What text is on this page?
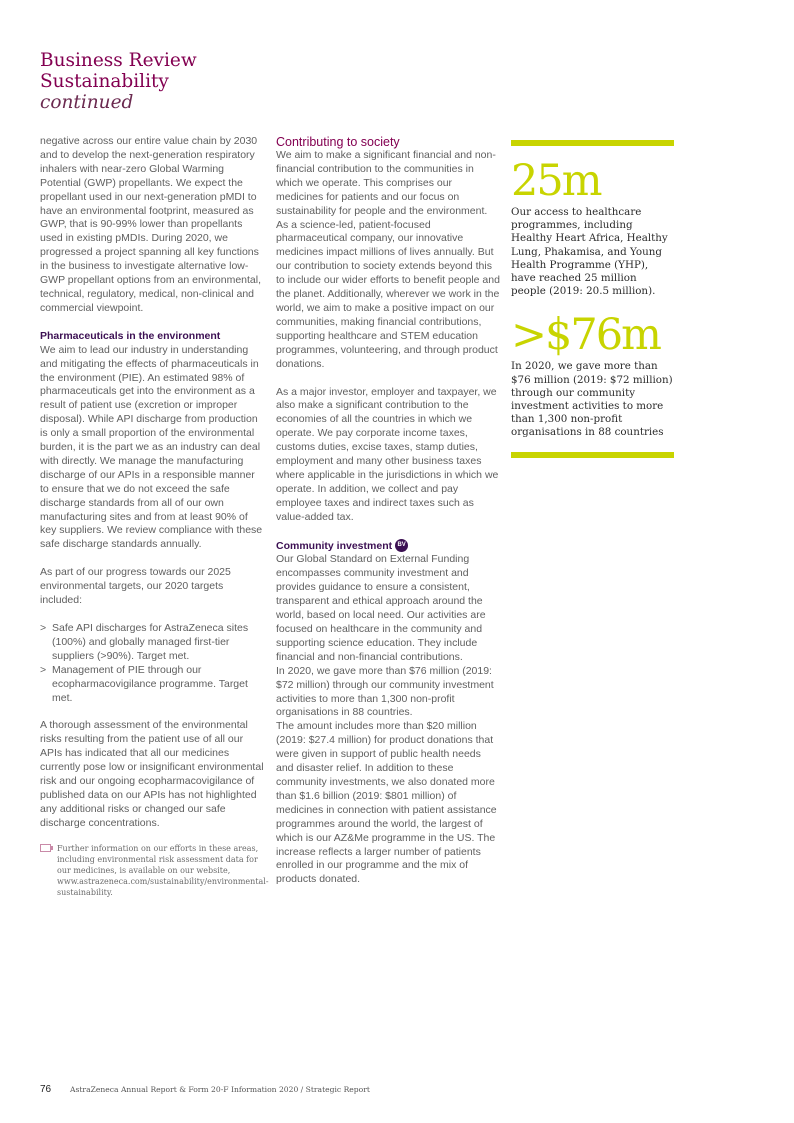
Business Review
Sustainability
continued

negative across our entire value chain by 2030 and to develop the next-generation respiratory inhalers with near-zero Global Warming Potential (GWP) propellants. We expect the propellant used in our next-generation pMDI to have an environmental footprint, measured as GWP, that is 90-99% lower than propellants used in existing pMDIs. During 2020, we progressed a project spanning all key functions in the business to investigate alternative low-GWP propellant options from an environmental, technical, regulatory, medical, non-clinical and commercial viewpoint.

Pharmaceuticals in the environment

We aim to lead our industry in understanding and mitigating the effects of pharmaceuticals in the environment (PIE). An estimated 98% of pharmaceuticals get into the environment as a result of patient use (excretion or improper disposal). While API discharge from production is only a small proportion of the environmental burden, it is the part we as an industry can deal with directly. We manage the manufacturing discharge of our APIs in a responsible manner to ensure that we do not exceed the safe discharge standards from all of our own manufacturing sites and from at least 90% of key suppliers. We review compliance with these safe discharge standards annually.

As part of our progress towards our 2025 environmental targets, our 2020 targets included:

> Safe API discharges for AstraZeneca sites (100%) and globally managed first-tier suppliers (>90%). Target met.
> Management of PIE through our ecopharmacovigilance programme. Target met.

A thorough assessment of the environmental risks resulting from the patient use of all our APIs has indicated that all our medicines currently pose low or insignificant environmental risk and our ongoing ecopharmacovigilance of published data on our APIs has not highlighted any additional risks or changed our safe discharge concentrations.

Further information on our efforts in these areas, including environmental risk assessment data for our medicines, is available on our website, www.astrazeneca.com/sustainability/environmental-sustainability.

Contributing to society

We aim to make a significant financial and non-financial contribution to the communities in which we operate. This comprises our medicines for patients and our focus on sustainability for people and the environment. As a science-led, patient-focused pharmaceutical company, our innovative medicines impact millions of lives annually. But our contribution to society extends beyond this to include our wider efforts to benefit people and the planet. Additionally, wherever we work in the world, we aim to make a positive impact on our communities, making financial contributions, supporting healthcare and STEM education programmes, volunteering, and through product donations.

As a major investor, employer and taxpayer, we also make a significant contribution to the economies of all the countries in which we operate. We pay corporate income taxes, customs duties, excise taxes, stamp duties, employment and many other business taxes where applicable in the jurisdictions in which we operate. In addition, we collect and pay employee taxes and indirect taxes such as value-added tax.

Community investment BV

Our Global Standard on External Funding encompasses community investment and provides guidance to ensure a consistent, transparent and ethical approach around the world, based on local need. Our activities are focused on healthcare in the community and supporting science education. They include financial and non-financial contributions.

In 2020, we gave more than $76 million (2019: $72 million) through our community investment activities to more than 1,300 non-profit organisations in 88 countries.

The amount includes more than $20 million (2019: $27.4 million) for product donations that were given in support of public health needs and disaster relief. In addition to these community investments, we also donated more than $1.6 billion (2019: $801 million) of medicines in connection with patient assistance programmes around the world, the largest of which is our AZ&Me programme in the US. The increase reflects a larger number of patients enrolled in our programme and the mix of products donated.

25m
Our access to healthcare programmes, including Healthy Heart Africa, Healthy Lung, Phakamisa, and Young Health Programme (YHP), have reached 25 million people (2019: 20.5 million).
>$76m
In 2020, we gave more than $76 million (2019: $72 million) through our community investment activities to more than 1,300 non-profit organisations in 88 countries
76	AstraZeneca Annual Report & Form 20-F Information 2020 / Strategic Report
